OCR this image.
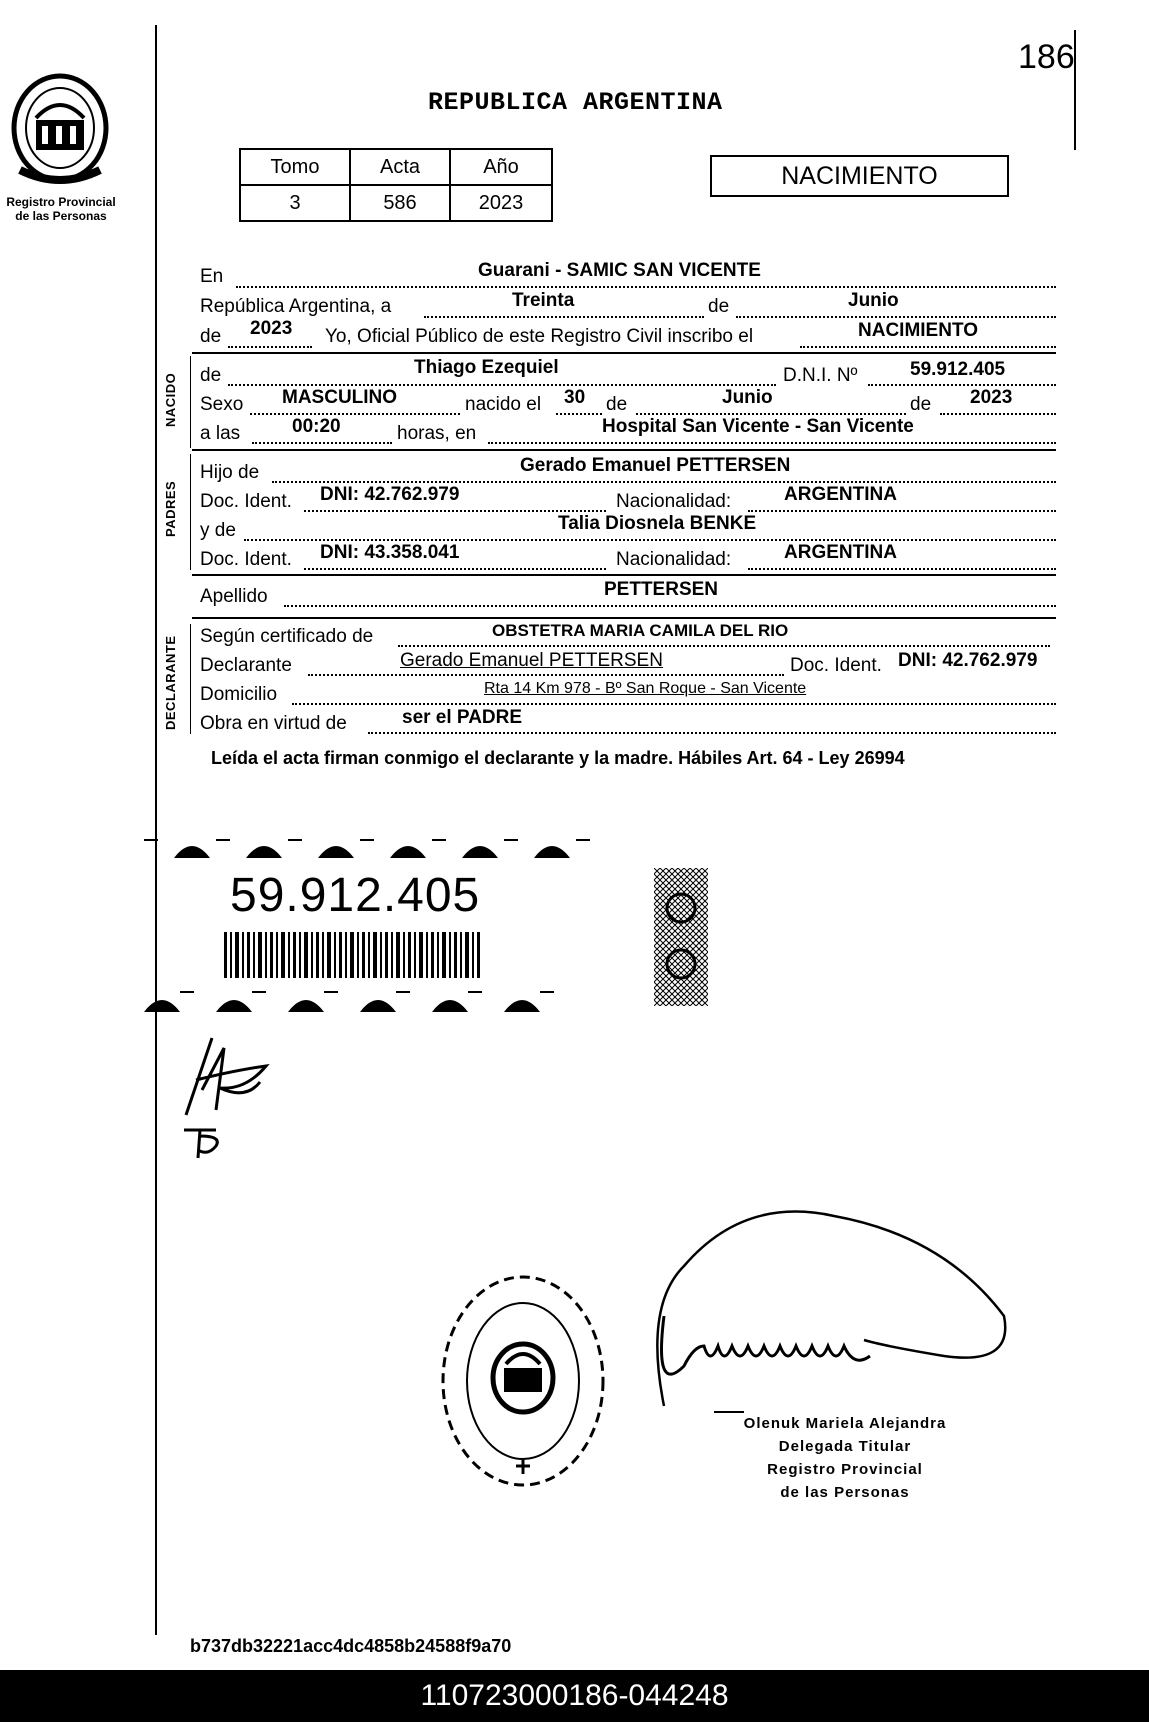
186
Registro Provincial
de las Personas
REPUBLICA ARGENTINA
Tomo	Acta	Año
3	586	2023
NACIMIENTO
En	Guarani - SAMIC SAN VICENTE
República Argentina, a	Treinta	de	Junio
de 2023 Yo, Oficial Público de este Registro Civil inscribo el	NACIMIENTO
NACIDO de	Thiago Ezequiel	D.N.I. Nº	59.912.405
Sexo MASCULINO	nacido el 30 de	Junio	de 2023
a las	00:20	horas, en	Hospital San Vicente - San Vicente
PADRES
Hijo de	Gerado Emanuel PETTERSEN
Doc. Ident. DNI: 42.762.979	Nacionalidad:	ARGENTINA
y de	Talia Diosnela BENKE
Doc. Ident. DNI: 43.358.041	Nacionalidad:	ARGENTINA
Apellido	PETTERSEN
DECLARANTE Según certificado de	OBSTETRA MARIA CAMILA DEL RIO
Declarante	Gerado Emanuel PETTERSEN	Doc. Ident. DNI: 42.762.979
Domicilio	Rta 14 Km 978 - Bº San Roque - San Vicente
Obra en virtud de	ser el PADRE
Leída el acta firman conmigo el declarante y la madre. Hábiles Art. 64 - Ley 26994
59.912.405
Olenuk Mariela Alejandra
Delegada Titular
Registro Provincial
de las Personas
b737db32221acc4dc4858b24588f9a70
110723000186-044248
